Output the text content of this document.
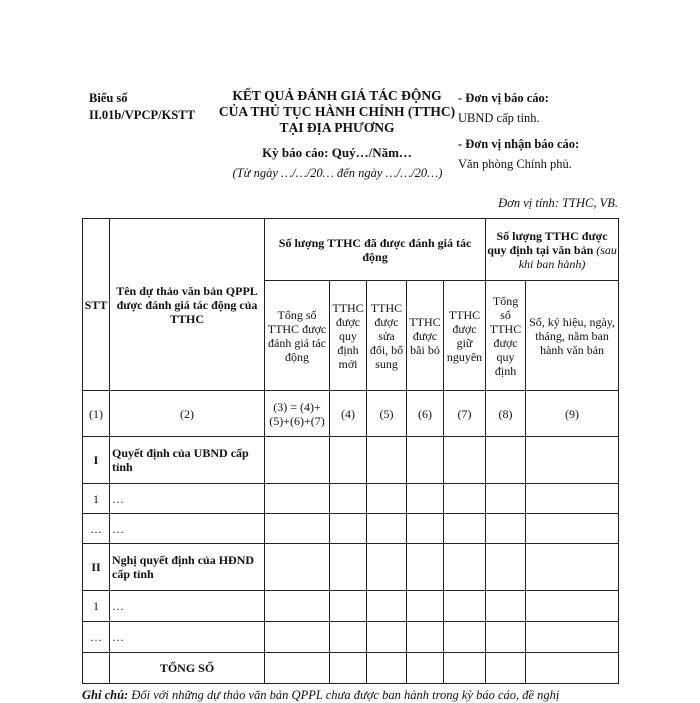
Biểu số
II.01b/VPCP/KSTT
KẾT QUẢ ĐÁNH GIÁ TÁC ĐỘNG
CỦA THỦ TỤC HÀNH CHÍNH (TTHC)
TẠI ĐỊA PHƯƠNG
Kỳ báo cáo: Quý…/Năm…
(Từ ngày …/…/20… đến ngày …/…/20…)
- Đơn vị báo cáo:
UBND cấp tỉnh.
- Đơn vị nhận báo cáo:
Văn phòng Chính phủ.
Đơn vị tính: TTHC, VB.
STT	Tên dự thảo văn bản QPPL được đánh giá tác động của TTHC	Số lượng TTHC đã được đánh giá tác động					Số lượng TTHC được quy định tại văn bản (sau khi ban hành)	
		Tổng số TTHC được đánh giá tác động	TTHC được quy định mới	TTHC được sửa đổi, bổ sung	TTHC được bãi bỏ	TTHC được giữ nguyên	Tổng số TTHC được quy định	Số, ký hiệu, ngày, tháng, năm ban hành văn bản
(1)	(2)	(3) = (4)+(5)+(6)+(7)	(4)	(5)	(6)	(7)	(8)	(9)
I	Quyết định của UBND cấp tỉnh							
1	…							
…	…							
II	Nghị quyết định của HĐND cấp tỉnh							
1	…							
…	…							
	TỔNG SỐ							
Ghi chú: Đối với những dự thảo văn bản QPPL chưa được ban hành trong kỳ báo cáo, đề nghị
